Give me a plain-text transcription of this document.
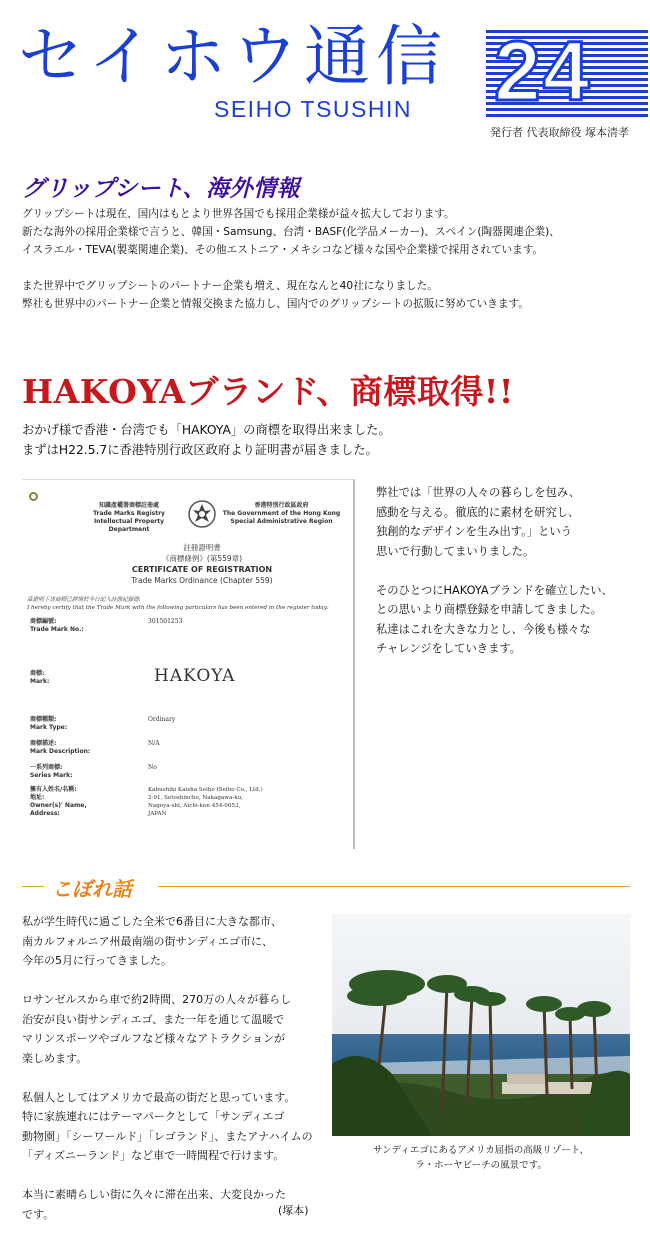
セイホウ通信
SEIHO TSUSHIN 24
発行者 代表取締役 塚本清孝
グリップシート、海外情報

グリップシートは現在、国内はもとより世界各国でも採用企業様が益々拡大しております。

新たな海外の採用企業様で言うと、韓国・Samsung、台湾・BASF(化学品メーカー)、スペイン(陶器関連企業)、

イスラエル・TEVA(製薬関連企業)、その他エストニア・メキシコなど様々な国や企業様で採用されています。

また世界中でグリップシートのパートナー企業も増え、現在なんと40社になりました。

弊社も世界中のパートナー企業と情報交換また協力し、国内でのグリップシートの拡販に努めていきます。

HAKOYAブランド、商標取得!!

おかげ様で香港・台湾でも「HAKOYA」の商標を取得出来ました。

まずはH22.5.7に香港特別行政区政府より証明書が届きました。

知識產權署商標註冊處
Trade Marks Registry
Intellectual Property Department
香港特別行政區政府
The Government of the Hong Kong
Special Administrative Region
註冊證明書
《商標條例》(第559章)
CERTIFICATE OF REGISTRATION
Trade Marks Ordinance (Chapter 559)
茲證明下述商標已詳情於今日記入註冊紀錄冊:
I hereby certify that the Trade Mark with the following particulars has been entered in the register today:
商標編號:
Trade Mark No.:
301501253
商標:
Mark:	HAKOYA
商標種類:
Mark Type:
Ordinary
商標描述:
Mark Description:
N/A
一系列商標:
Series Mark:
No
擁有人姓名/名稱:
地址:
Owner(s)' Name,
Address:
Kabushiki Kaisha Seiho (Seiho Co., Ltd.)
2-91, Setoshincho, Nakagawa-ku,
Nagoya-shi, Aichi-ken 454-0053,
JAPAN

弊社では「世界の人々の暮らしを包み、

感動を与える。徹底的に素材を研究し、

独創的なデザインを生み出す。」という

思いで行動してまいりました。

そのひとつにHAKOYAブランドを確立したい、

との思いより商標登録を申請してきました。

私達はこれを大きな力とし、今後も様々な

チャレンジをしていきます。

こぼれ話

私が学生時代に過ごした全米で6番目に大きな都市、

南カルフォルニア州最南端の街サンディエゴ市に、

今年の5月に行ってきました。

ロサンゼルスから車で約2時間、270万の人々が暮らし

治安が良い街サンディエゴ、また一年を通じて温暖で

マリンスポーツやゴルフなど様々なアトラクションが

楽しめます。

私個人としてはアメリカで最高の街だと思っています。

特に家族連れにはテーマパークとして「サンディエゴ

動物園」「シーワールド」「レゴランド」、またアナハイムの

「ディズニーランド」など車で一時間程で行けます。

本当に素晴らしい街に久々に滞在出来、大変良かった

です。	(塚本)
サンディエゴにあるアメリカ屈指の高級リゾート、
ラ・ホーヤビーチの風景です。
